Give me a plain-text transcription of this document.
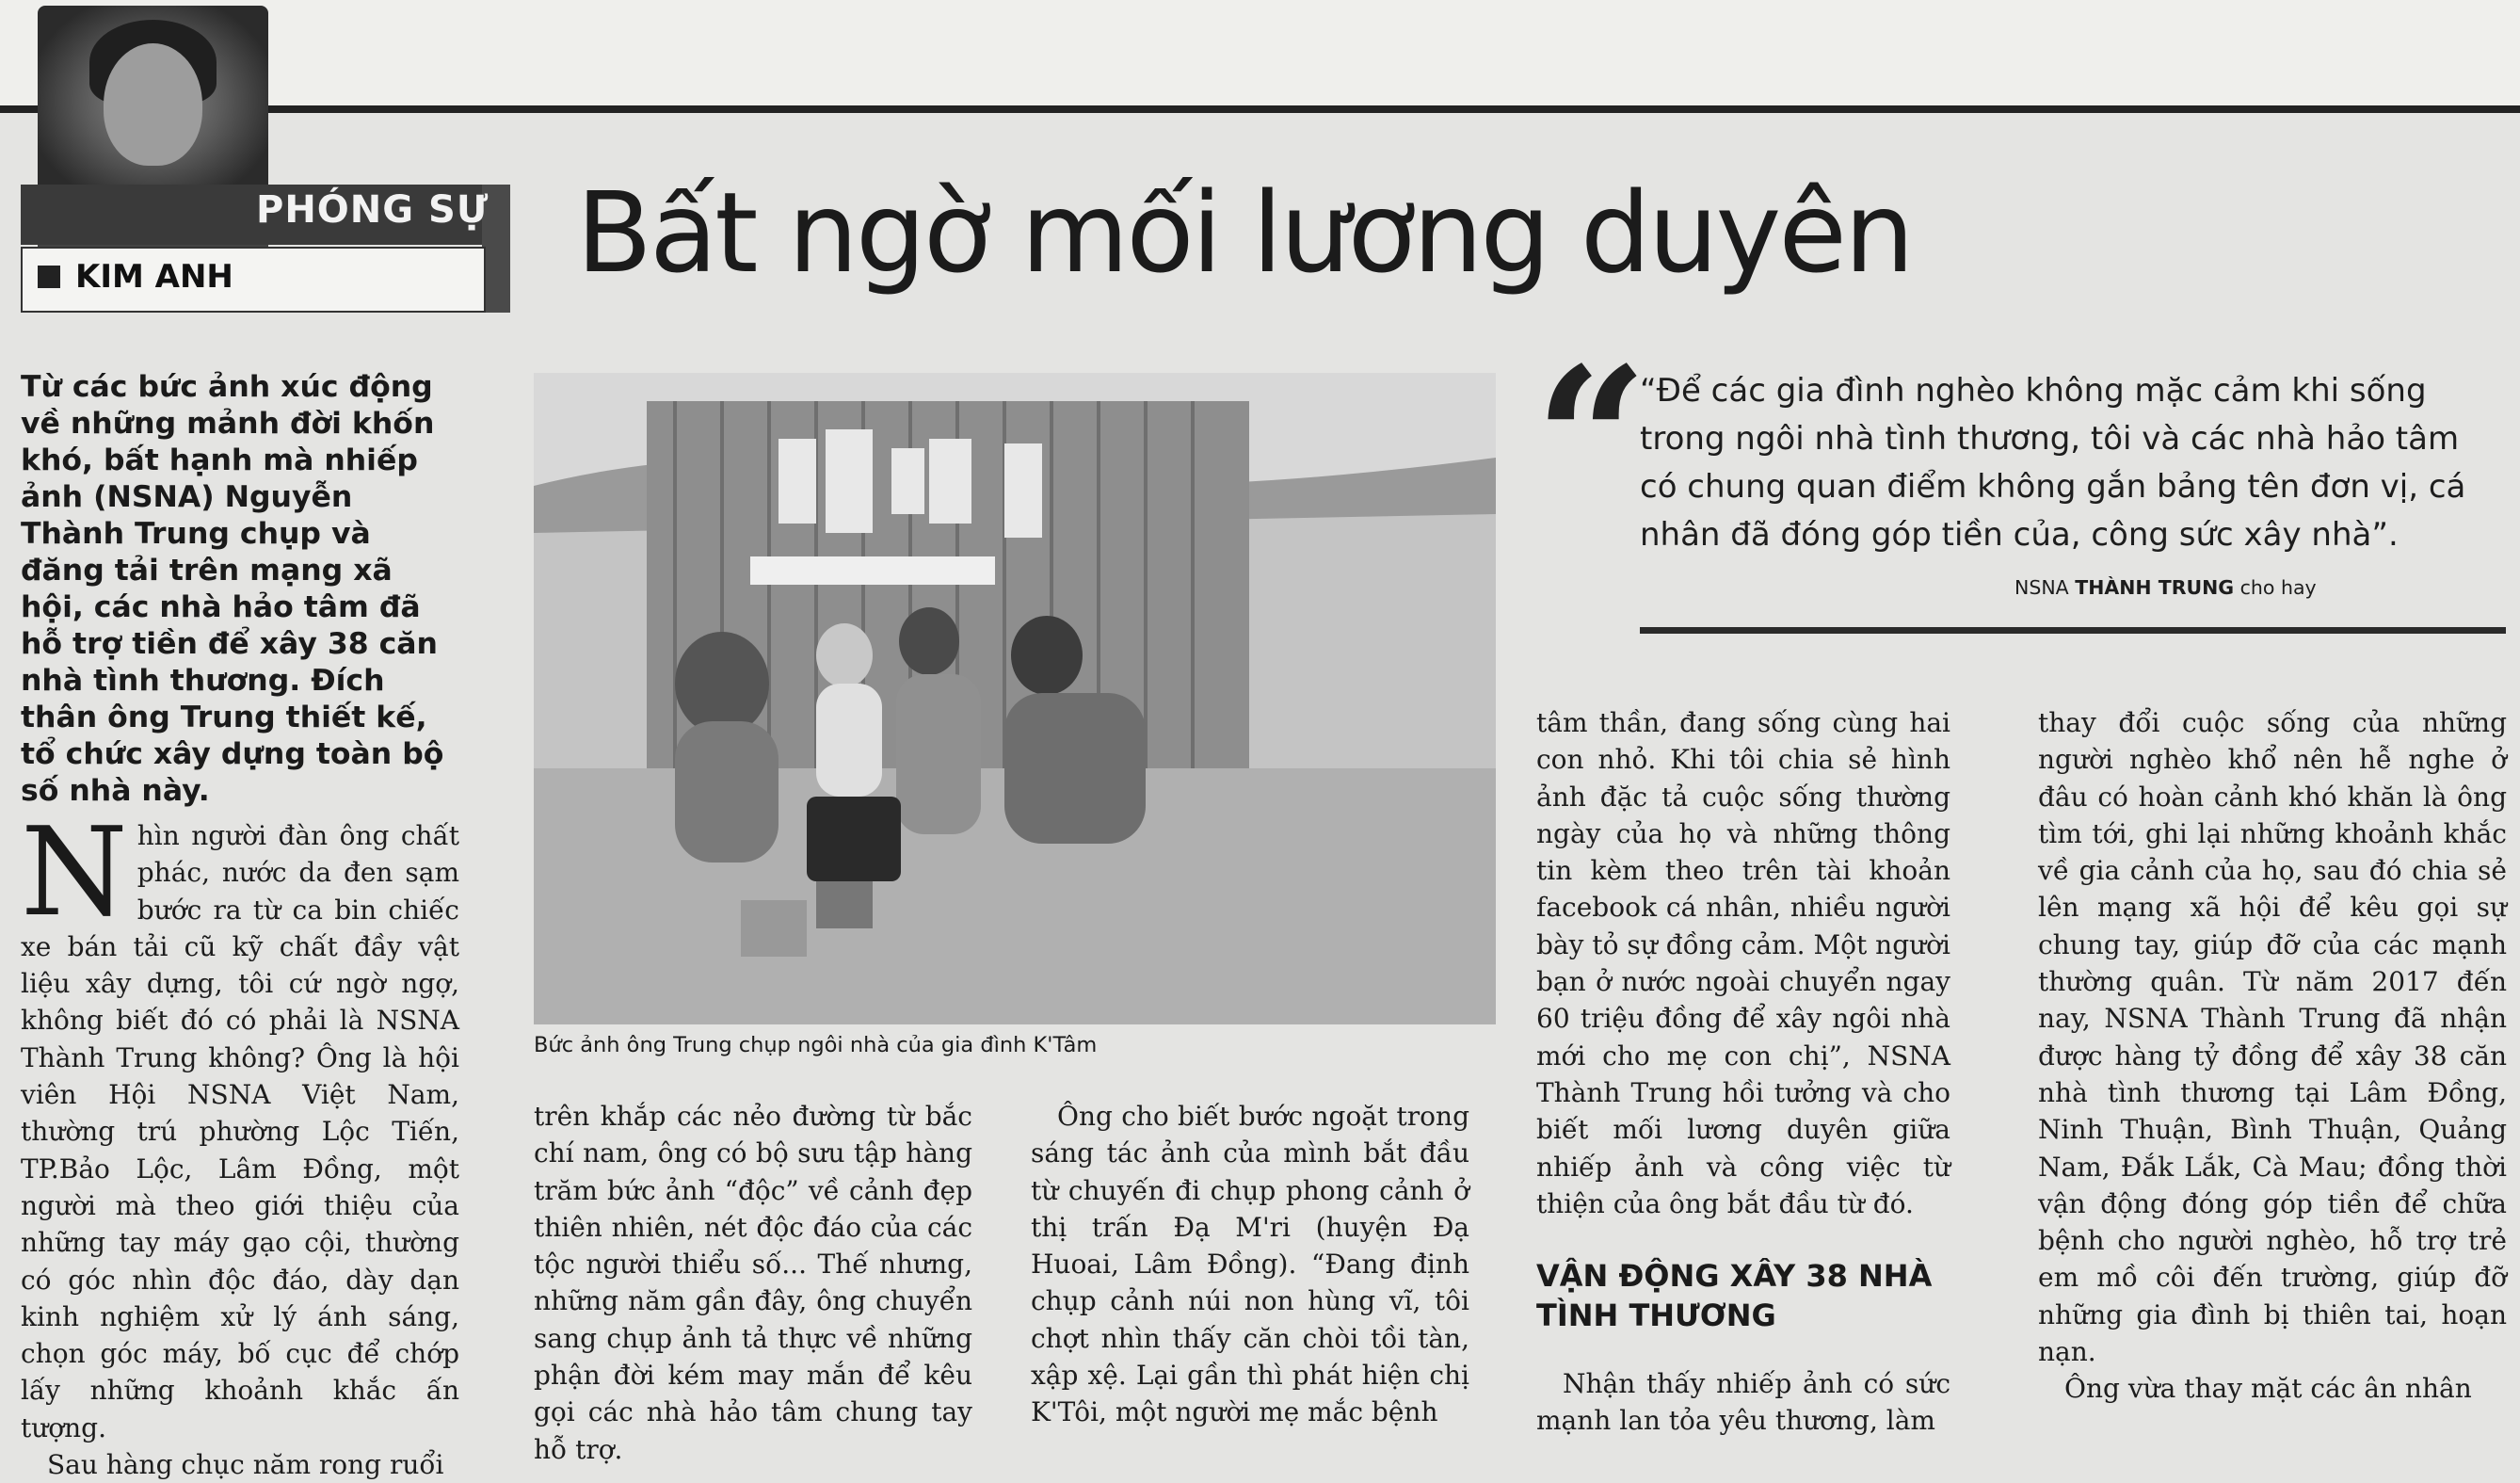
PHÓNG SỰ
KIM ANH	Bất ngờ mối lương duyên
Từ các bức ảnh xúc động về những mảnh đời khốn khó, bất hạnh mà nhiếp ảnh (NSNA) Nguyễn Thành Trung chụp và đăng tải trên mạng xã hội, các nhà hảo tâm đã hỗ trợ tiền để xây 38 căn nhà tình thương. Đích thân ông Trung thiết kế, tổ chức xây dựng toàn bộ số nhà này.

Nhìn người đàn ông chất phác, nước da đen sạm bước ra từ ca bin chiếc xe bán tải cũ kỹ chất đầy vật liệu xây dựng, tôi cứ ngờ ngợ, không biết đó có phải là NSNA Thành Trung không? Ông là hội viên Hội NSNA Việt Nam, thường trú phường Lộc Tiến, TP.Bảo Lộc, Lâm Đồng, một người mà theo giới thiệu của những tay máy gạo cội, thường có góc nhìn độc đáo, dày dạn kinh nghiệm xử lý ánh sáng, chọn góc máy, bố cục để chớp lấy những khoảnh khắc ấn tượng.

Sau hàng chục năm rong ruổi

Bức ảnh ông Trung chụp ngôi nhà của gia đình K'Tâm

trên khắp các nẻo đường từ bắc chí nam, ông có bộ sưu tập hàng trăm bức ảnh “độc” về cảnh đẹp thiên nhiên, nét độc đáo của các tộc người thiểu số... Thế nhưng, những năm gần đây, ông chuyển sang chụp ảnh tả thực về những phận đời kém may mắn để kêu gọi các nhà hảo tâm chung tay hỗ trợ.

Ông cho biết bước ngoặt trong sáng tác ảnh của mình bắt đầu từ chuyến đi chụp phong cảnh ở thị trấn Đạ M'ri (huyện Đạ Huoai, Lâm Đồng). “Đang định chụp cảnh núi non hùng vĩ, tôi chợt nhìn thấy căn chòi tồi tàn, xập xệ. Lại gần thì phát hiện chị K'Tôi, một người mẹ mắc bệnh

“
“Để các gia đình nghèo không mặc cảm khi sống trong ngôi nhà tình thương, tôi và các nhà hảo tâm có chung quan điểm không gắn bảng tên đơn vị, cá nhân đã đóng góp tiền của, công sức xây nhà”.
NSNA THÀNH TRUNG cho hay

tâm thần, đang sống cùng hai con nhỏ. Khi tôi chia sẻ hình ảnh đặc tả cuộc sống thường ngày của họ và những thông tin kèm theo trên tài khoản facebook cá nhân, nhiều người bày tỏ sự đồng cảm. Một người bạn ở nước ngoài chuyển ngay 60 triệu đồng để xây ngôi nhà mới cho mẹ con chị”, NSNA Thành Trung hồi tưởng và cho biết mối lương duyên giữa nhiếp ảnh và công việc từ thiện của ông bắt đầu từ đó.

VẬN ĐỘNG XÂY 38 NHÀ TÌNH THƯƠNG

Nhận thấy nhiếp ảnh có sức mạnh lan tỏa yêu thương, làm

thay đổi cuộc sống của những người nghèo khổ nên hễ nghe ở đâu có hoàn cảnh khó khăn là ông tìm tới, ghi lại những khoảnh khắc về gia cảnh của họ, sau đó chia sẻ lên mạng xã hội để kêu gọi sự chung tay, giúp đỡ của các mạnh thường quân. Từ năm 2017 đến nay, NSNA Thành Trung đã nhận được hàng tỷ đồng để xây 38 căn nhà tình thương tại Lâm Đồng, Ninh Thuận, Bình Thuận, Quảng Nam, Đắk Lắk, Cà Mau; đồng thời vận động đóng góp tiền để chữa bệnh cho người nghèo, hỗ trợ trẻ em mồ côi đến trường, giúp đỡ những gia đình bị thiên tai, hoạn nạn.

Ông vừa thay mặt các ân nhân
